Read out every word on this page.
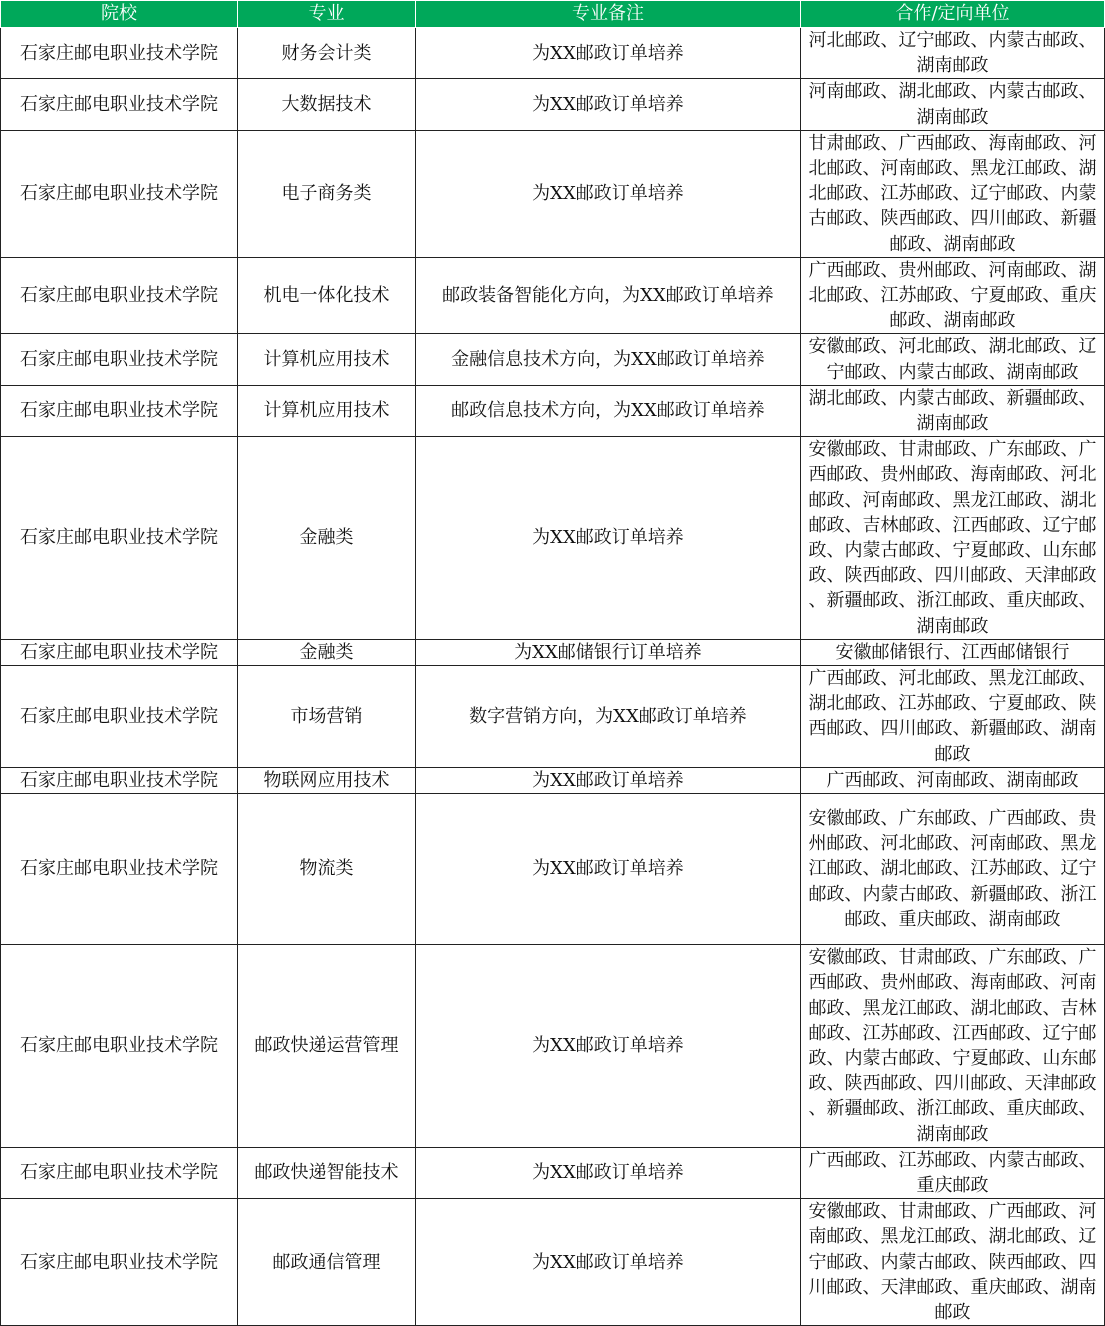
院校	专业	专业备注	合作/定向单位
石家庄邮电职业技术学院	财务会计类	为XX邮政订单培养	河北邮政、辽宁邮政、内蒙古邮政、湖南邮政
石家庄邮电职业技术学院	大数据技术	为XX邮政订单培养	河南邮政、湖北邮政、内蒙古邮政、湖南邮政
石家庄邮电职业技术学院	电子商务类	为XX邮政订单培养	甘肃邮政、广西邮政、海南邮政、河北邮政、河南邮政、黑龙江邮政、湖北邮政、江苏邮政、辽宁邮政、内蒙古邮政、陕西邮政、四川邮政、新疆邮政、湖南邮政
石家庄邮电职业技术学院	机电一体化技术	邮政装备智能化方向，为XX邮政订单培养	广西邮政、贵州邮政、河南邮政、湖北邮政、江苏邮政、宁夏邮政、重庆邮政、湖南邮政
石家庄邮电职业技术学院	计算机应用技术	金融信息技术方向，为XX邮政订单培养	安徽邮政、河北邮政、湖北邮政、辽宁邮政、内蒙古邮政、湖南邮政
石家庄邮电职业技术学院	计算机应用技术	邮政信息技术方向，为XX邮政订单培养	湖北邮政、内蒙古邮政、新疆邮政、湖南邮政
石家庄邮电职业技术学院	金融类	为XX邮政订单培养	安徽邮政、甘肃邮政、广东邮政、广西邮政、贵州邮政、海南邮政、河北邮政、河南邮政、黑龙江邮政、湖北邮政、吉林邮政、江西邮政、辽宁邮政、内蒙古邮政、宁夏邮政、山东邮政、陕西邮政、四川邮政、天津邮政、新疆邮政、浙江邮政、重庆邮政、湖南邮政
石家庄邮电职业技术学院	金融类	为XX邮储银行订单培养	安徽邮储银行、江西邮储银行
石家庄邮电职业技术学院	市场营销	数字营销方向，为XX邮政订单培养	广西邮政、河北邮政、黑龙江邮政、湖北邮政、江苏邮政、宁夏邮政、陕西邮政、四川邮政、新疆邮政、湖南邮政
石家庄邮电职业技术学院	物联网应用技术	为XX邮政订单培养	广西邮政、河南邮政、湖南邮政
石家庄邮电职业技术学院	物流类	为XX邮政订单培养	安徽邮政、广东邮政、广西邮政、贵州邮政、河北邮政、河南邮政、黑龙江邮政、湖北邮政、江苏邮政、辽宁邮政、内蒙古邮政、新疆邮政、浙江邮政、重庆邮政、湖南邮政
石家庄邮电职业技术学院	邮政快递运营管理	为XX邮政订单培养	安徽邮政、甘肃邮政、广东邮政、广西邮政、贵州邮政、海南邮政、河南邮政、黑龙江邮政、湖北邮政、吉林邮政、江苏邮政、江西邮政、辽宁邮政、内蒙古邮政、宁夏邮政、山东邮政、陕西邮政、四川邮政、天津邮政、新疆邮政、浙江邮政、重庆邮政、湖南邮政
石家庄邮电职业技术学院	邮政快递智能技术	为XX邮政订单培养	广西邮政、江苏邮政、内蒙古邮政、重庆邮政
石家庄邮电职业技术学院	邮政通信管理	为XX邮政订单培养	安徽邮政、甘肃邮政、广西邮政、河南邮政、黑龙江邮政、湖北邮政、辽宁邮政、内蒙古邮政、陕西邮政、四川邮政、天津邮政、重庆邮政、湖南邮政
